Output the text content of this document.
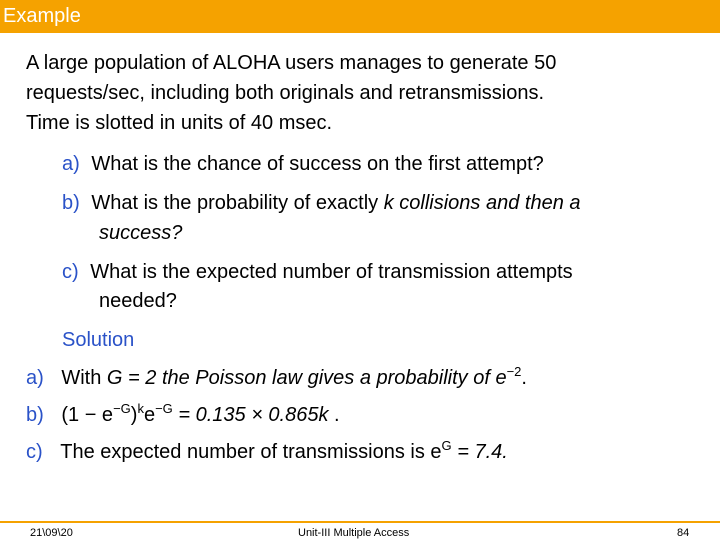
Example
A large population of ALOHA users manages to generate 50
requests/sec, including both originals and retransmissions.
Time is slotted in units of 40 msec.
a) What is the chance of success on the first attempt?
b) What is the probability of exactly k collisions and then a
success?
c) What is the expected number of transmission attempts
needed?
Solution
a) With G = 2 the Poisson law gives a probability of $e^{-2}$.
b) $(1 - e^{-G})^ke^{-G} = 0.135 \times 0.865k$ .
c) The expected number of transmissions is $e^G = 7.4$.
21\09\20	Unit-III Multiple Access	84
